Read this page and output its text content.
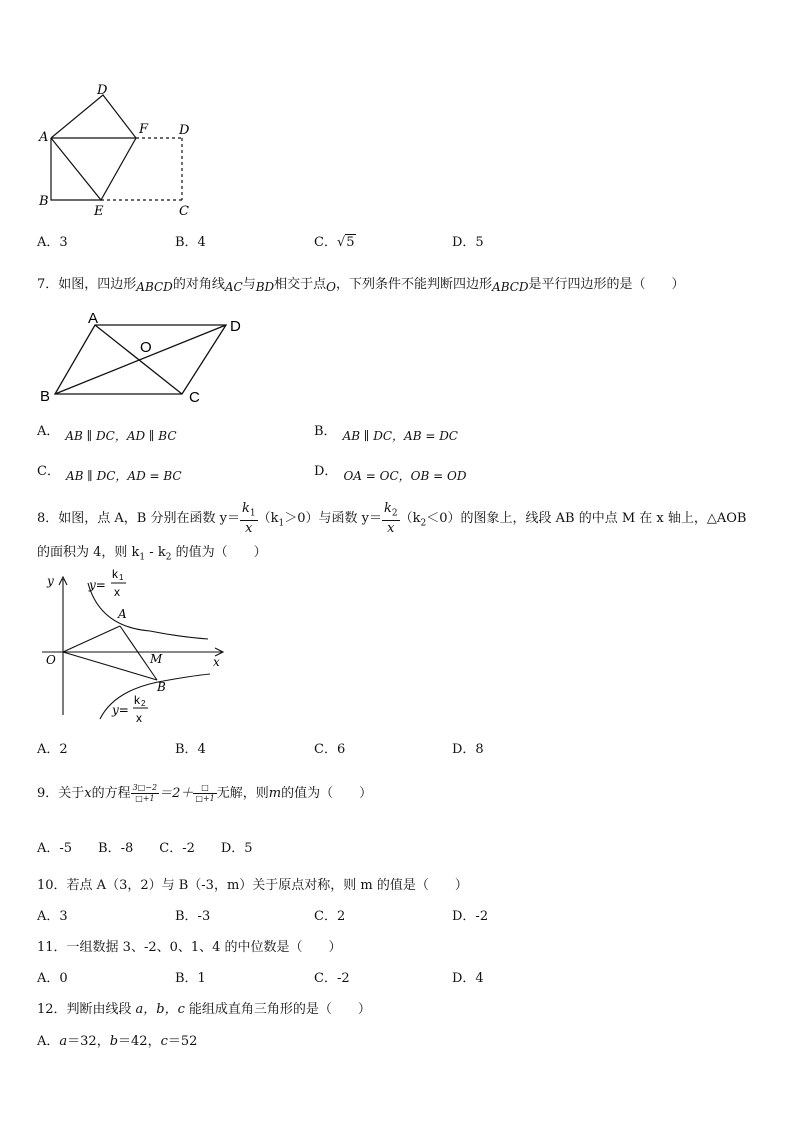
A
B
D
F D
E	C
A．3	B．4	C．√5	D．5
7．如图，四边形ABCD的对角线AC与BD相交于点O，下列条件不能判断四边形ABCD是平行四边形的是（　　）
A	D
B	C
O
A． AB ∥ DC，AD ∥ BC	B． AB ∥ DC，AB = DC
C． AB ∥ DC，AD = BC	D． OA = OC，OB = OD
8．如图，点 A，B 分别在函数 $y= \frac{k_1}{x} (k_1>0)$与函数 $y= \frac{k_2}{x} (k_2<0)$的图象上，线段 AB 的中点 M 在 x 轴上，△AOB
的面积为 4，则 $k_1 - k_2$ 的值为（　　）
y
x
O
A
B
M
y=
k 1
x
y=
k 2
x
A．2	B．4	C．6	D．8
9．关于x的方程 $\frac{3□-2}{□+1} =2+ \frac{□}{□+1}$ 无解，则m的值为（　　）
A．-5　　B．-8　　C．-2　　D．5
10．若点 A（3，2）与 B（-3，m）关于原点对称，则 m 的值是（　　）
A．3	B．-3	C．2	D．-2
11．一组数据 3、-2、0、1、4 的中位数是（　　）
A．0	B．1	C．-2	D．4
12．判断由线段 a，b，c 能组成直角三角形的是（　　）
A．a＝32，b＝42，c＝52
